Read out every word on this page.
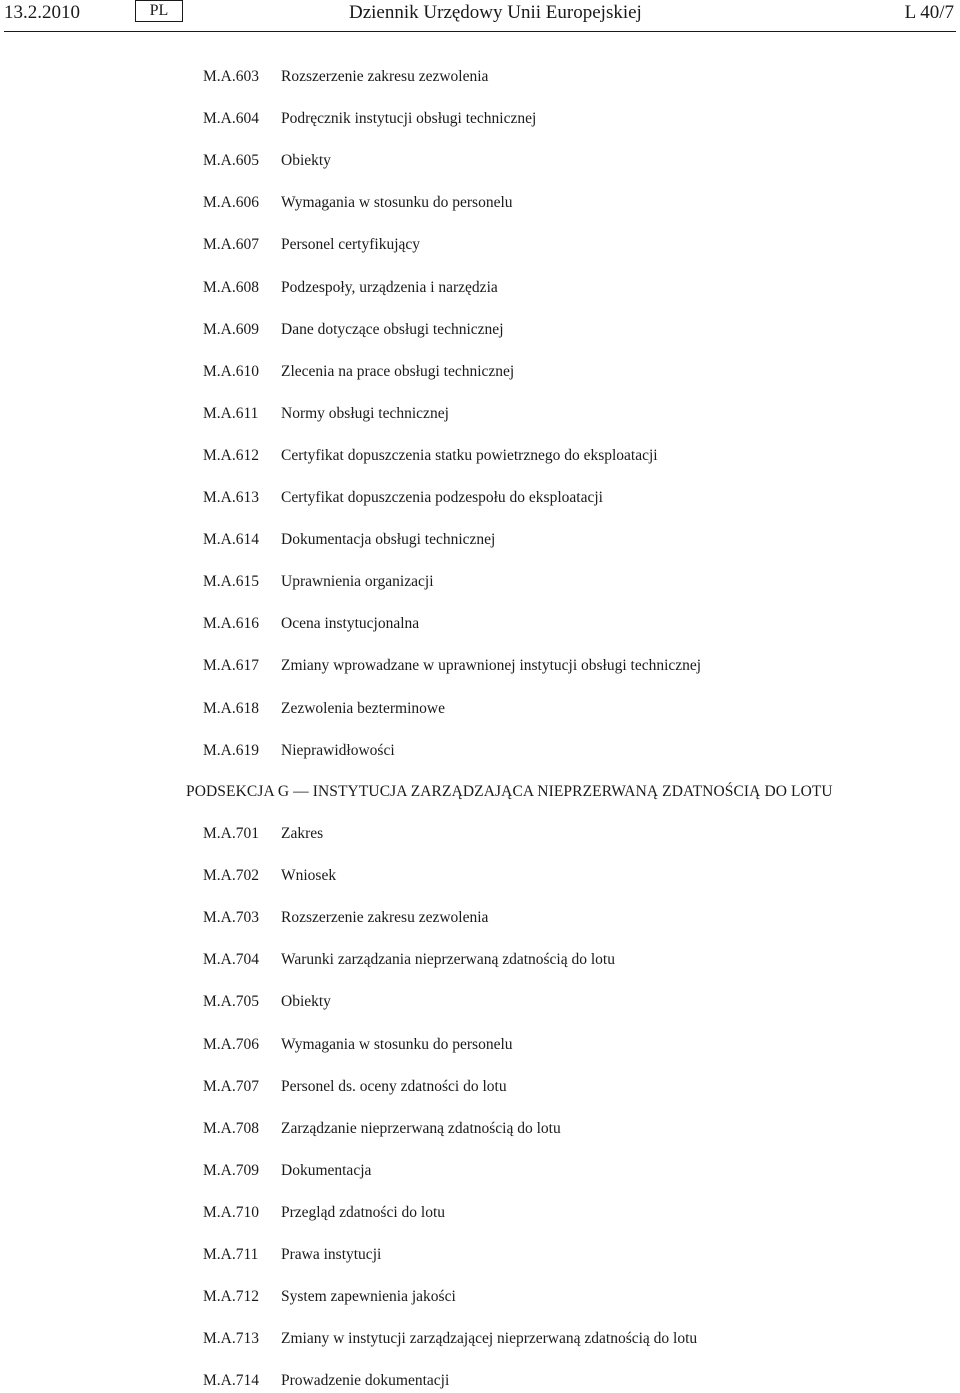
13.2.2010	PL	Dziennik Urzędowy Unii Europejskiej	L 40/7
M.A.603 Rozszerzenie zakresu zezwolenia
M.A.604 Podręcznik instytucji obsługi technicznej
M.A.605 Obiekty
M.A.606 Wymagania w stosunku do personelu
M.A.607 Personel certyfikujący
M.A.608 Podzespoły, urządzenia i narzędzia
M.A.609 Dane dotyczące obsługi technicznej
M.A.610 Zlecenia na prace obsługi technicznej
M.A.611 Normy obsługi technicznej
M.A.612 Certyfikat dopuszczenia statku powietrznego do eksploatacji
M.A.613 Certyfikat dopuszczenia podzespołu do eksploatacji
M.A.614 Dokumentacja obsługi technicznej
M.A.615 Uprawnienia organizacji
M.A.616 Ocena instytucjonalna
M.A.617 Zmiany wprowadzane w uprawnionej instytucji obsługi technicznej
M.A.618 Zezwolenia bezterminowe
M.A.619 Nieprawidłowości
PODSEKCJA G — INSTYTUCJA ZARZĄDZAJĄCA NIEPRZERWANĄ ZDATNOŚCIĄ DO LOTU
M.A.701 Zakres
M.A.702 Wniosek
M.A.703 Rozszerzenie zakresu zezwolenia
M.A.704 Warunki zarządzania nieprzerwaną zdatnością do lotu
M.A.705 Obiekty
M.A.706 Wymagania w stosunku do personelu
M.A.707 Personel ds. oceny zdatności do lotu
M.A.708 Zarządzanie nieprzerwaną zdatnością do lotu
M.A.709 Dokumentacja
M.A.710 Przegląd zdatności do lotu
M.A.711 Prawa instytucji
M.A.712 System zapewnienia jakości
M.A.713 Zmiany w instytucji zarządzającej nieprzerwaną zdatnością do lotu
M.A.714 Prowadzenie dokumentacji
